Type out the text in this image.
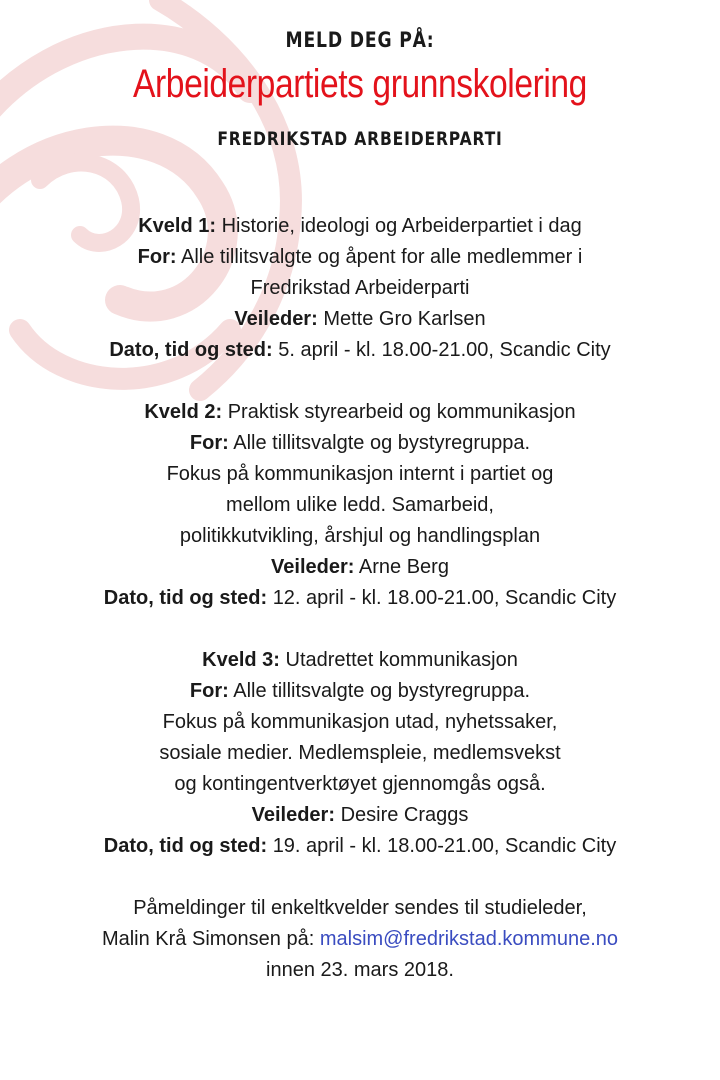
MELD DEG PÅ:
Arbeiderpartiets grunnskolering
FREDRIKSTAD ARBEIDERPARTI
Kveld 1: Historie, ideologi og Arbeiderpartiet i dag
For: Alle tillitsvalgte og åpent for alle medlemmer i
Fredrikstad Arbeiderparti
Veileder: Mette Gro Karlsen
Dato, tid og sted: 5. april - kl. 18.00-21.00, Scandic City
Kveld 2: Praktisk styrearbeid og kommunikasjon
For: Alle tillitsvalgte og bystyregruppa.
Fokus på kommunikasjon internt i partiet og
mellom ulike ledd. Samarbeid,
politikkutvikling, årshjul og handlingsplan
Veileder: Arne Berg
Dato, tid og sted: 12. april - kl. 18.00-21.00, Scandic City
Kveld 3: Utadrettet kommunikasjon
For: Alle tillitsvalgte og bystyregruppa.
Fokus på kommunikasjon utad, nyhetssaker,
sosiale medier. Medlemspleie, medlemsvekst
og kontingentverktøyet gjennomgås også.
Veileder: Desire Craggs
Dato, tid og sted: 19. april - kl. 18.00-21.00, Scandic City
Påmeldinger til enkeltkvelder sendes til studieleder,
Malin Krå Simonsen på: malsim@fredrikstad.kommune.no
innen 23. mars 2018.
